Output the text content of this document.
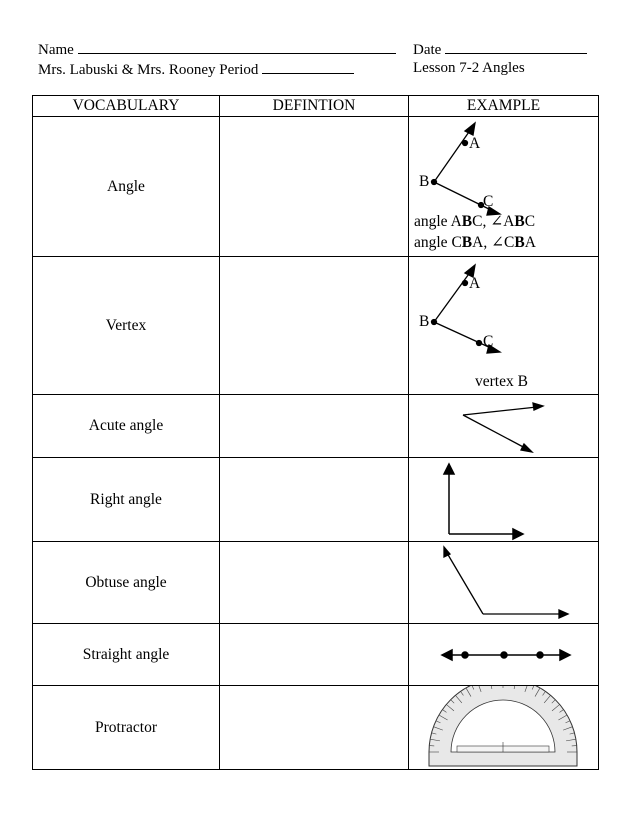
Name	Date
Mrs. Labuski & Mrs. Rooney Period	Lesson 7-2 Angles
VOCABULARY	DEFINTION	EXAMPLE
Angle		A
B
C
angle ABC, ∠ABC
angle CBA, ∠CBA

Vertex		A
B
C
vertex B

Acute angle		

Right angle		

Obtuse angle		

Straight angle		

Protractor		
